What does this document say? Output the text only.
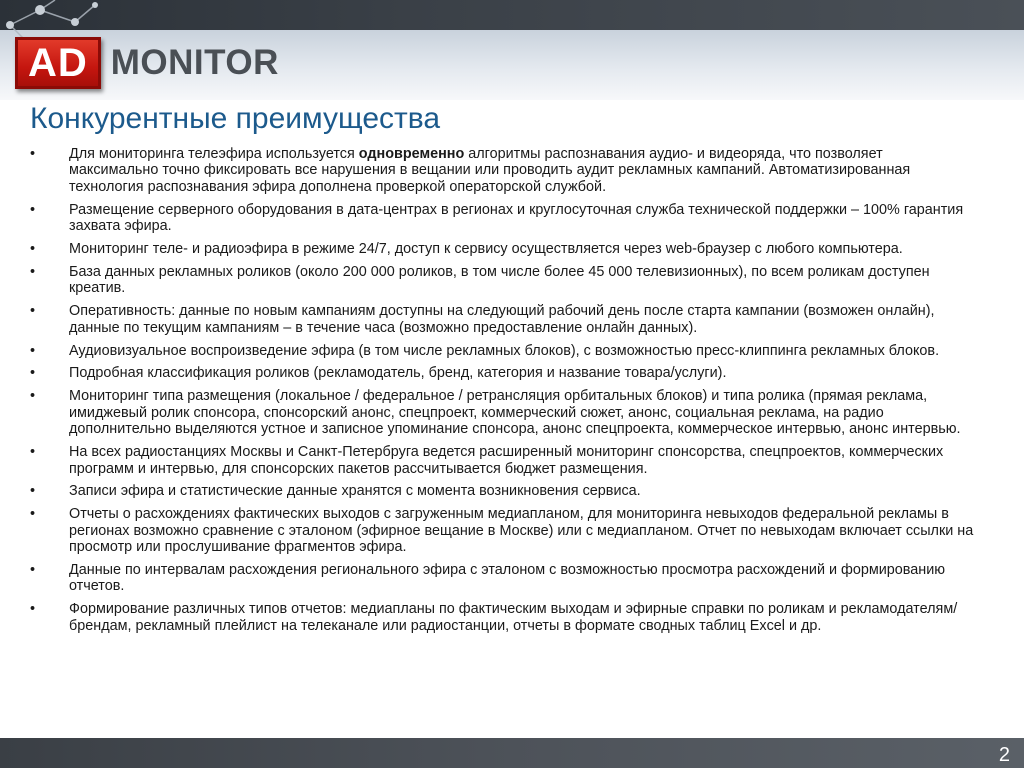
AD MONITOR
Конкурентные преимущества
• Для мониторинга телеэфира используется одновременно алгоритмы распознавания аудио- и видеоряда, что позволяет максимально точно фиксировать все нарушения в вещании или проводить аудит рекламных кампаний. Автоматизированная технология распознавания эфира дополнена проверкой операторской службой.
• Размещение серверного оборудования в дата-центрах в регионах и круглосуточная служба технической поддержки – 100% гарантия захвата эфира.
• Мониторинг теле- и радиоэфира в режиме 24/7, доступ к сервису осуществляется через web-браузер с любого компьютера.
• База данных рекламных роликов (около 200 000 роликов, в том числе более 45 000 телевизионных), по всем роликам доступен креатив.
• Оперативность: данные по новым кампаниям доступны на следующий рабочий день после старта кампании (возможен онлайн), данные по текущим кампаниям – в течение часа (возможно предоставление онлайн данных).
• Аудиовизуальное воспроизведение эфира (в том числе рекламных блоков), с возможностью пресс-клиппинга рекламных блоков.
• Подробная классификация роликов (рекламодатель, бренд, категория и название товара/услуги).
• Мониторинг типа размещения (локальное / федеральное / ретрансляция орбитальных блоков) и типа ролика (прямая реклама, имиджевый ролик спонсора, спонсорский анонс, спецпроект, коммерческий сюжет, анонс, социальная реклама, на радио дополнительно выделяются устное и записное упоминание спонсора, анонс спецпроекта, коммерческое интервью, анонс интервью.
• На всех радиостанциях Москвы и Санкт-Петербруга ведется расширенный мониторинг спонсорства, спецпроектов, коммерческих программ и интервью, для спонсорских пакетов рассчитывается бюджет размещения.
• Записи эфира и статистические данные хранятся с момента возникновения сервиса.
• Отчеты о расхождениях фактических выходов с загруженным медиапланом, для мониторинга невыходов федеральной рекламы в регионах возможно сравнение с эталоном (эфирное вещание в Москве) или с медиапланом. Отчет по невыходам включает ссылки на просмотр или прослушивание фрагментов эфира.
• Данные по интервалам расхождения регионального эфира с эталоном с возможностью просмотра расхождений и формированию отчетов.
• Формирование различных типов отчетов: медиапланы по фактическим выходам и эфирные справки по роликам и рекламодателям/брендам, рекламный плейлист на телеканале или радиостанции, отчеты в формате сводных таблиц Excel и др.
2
